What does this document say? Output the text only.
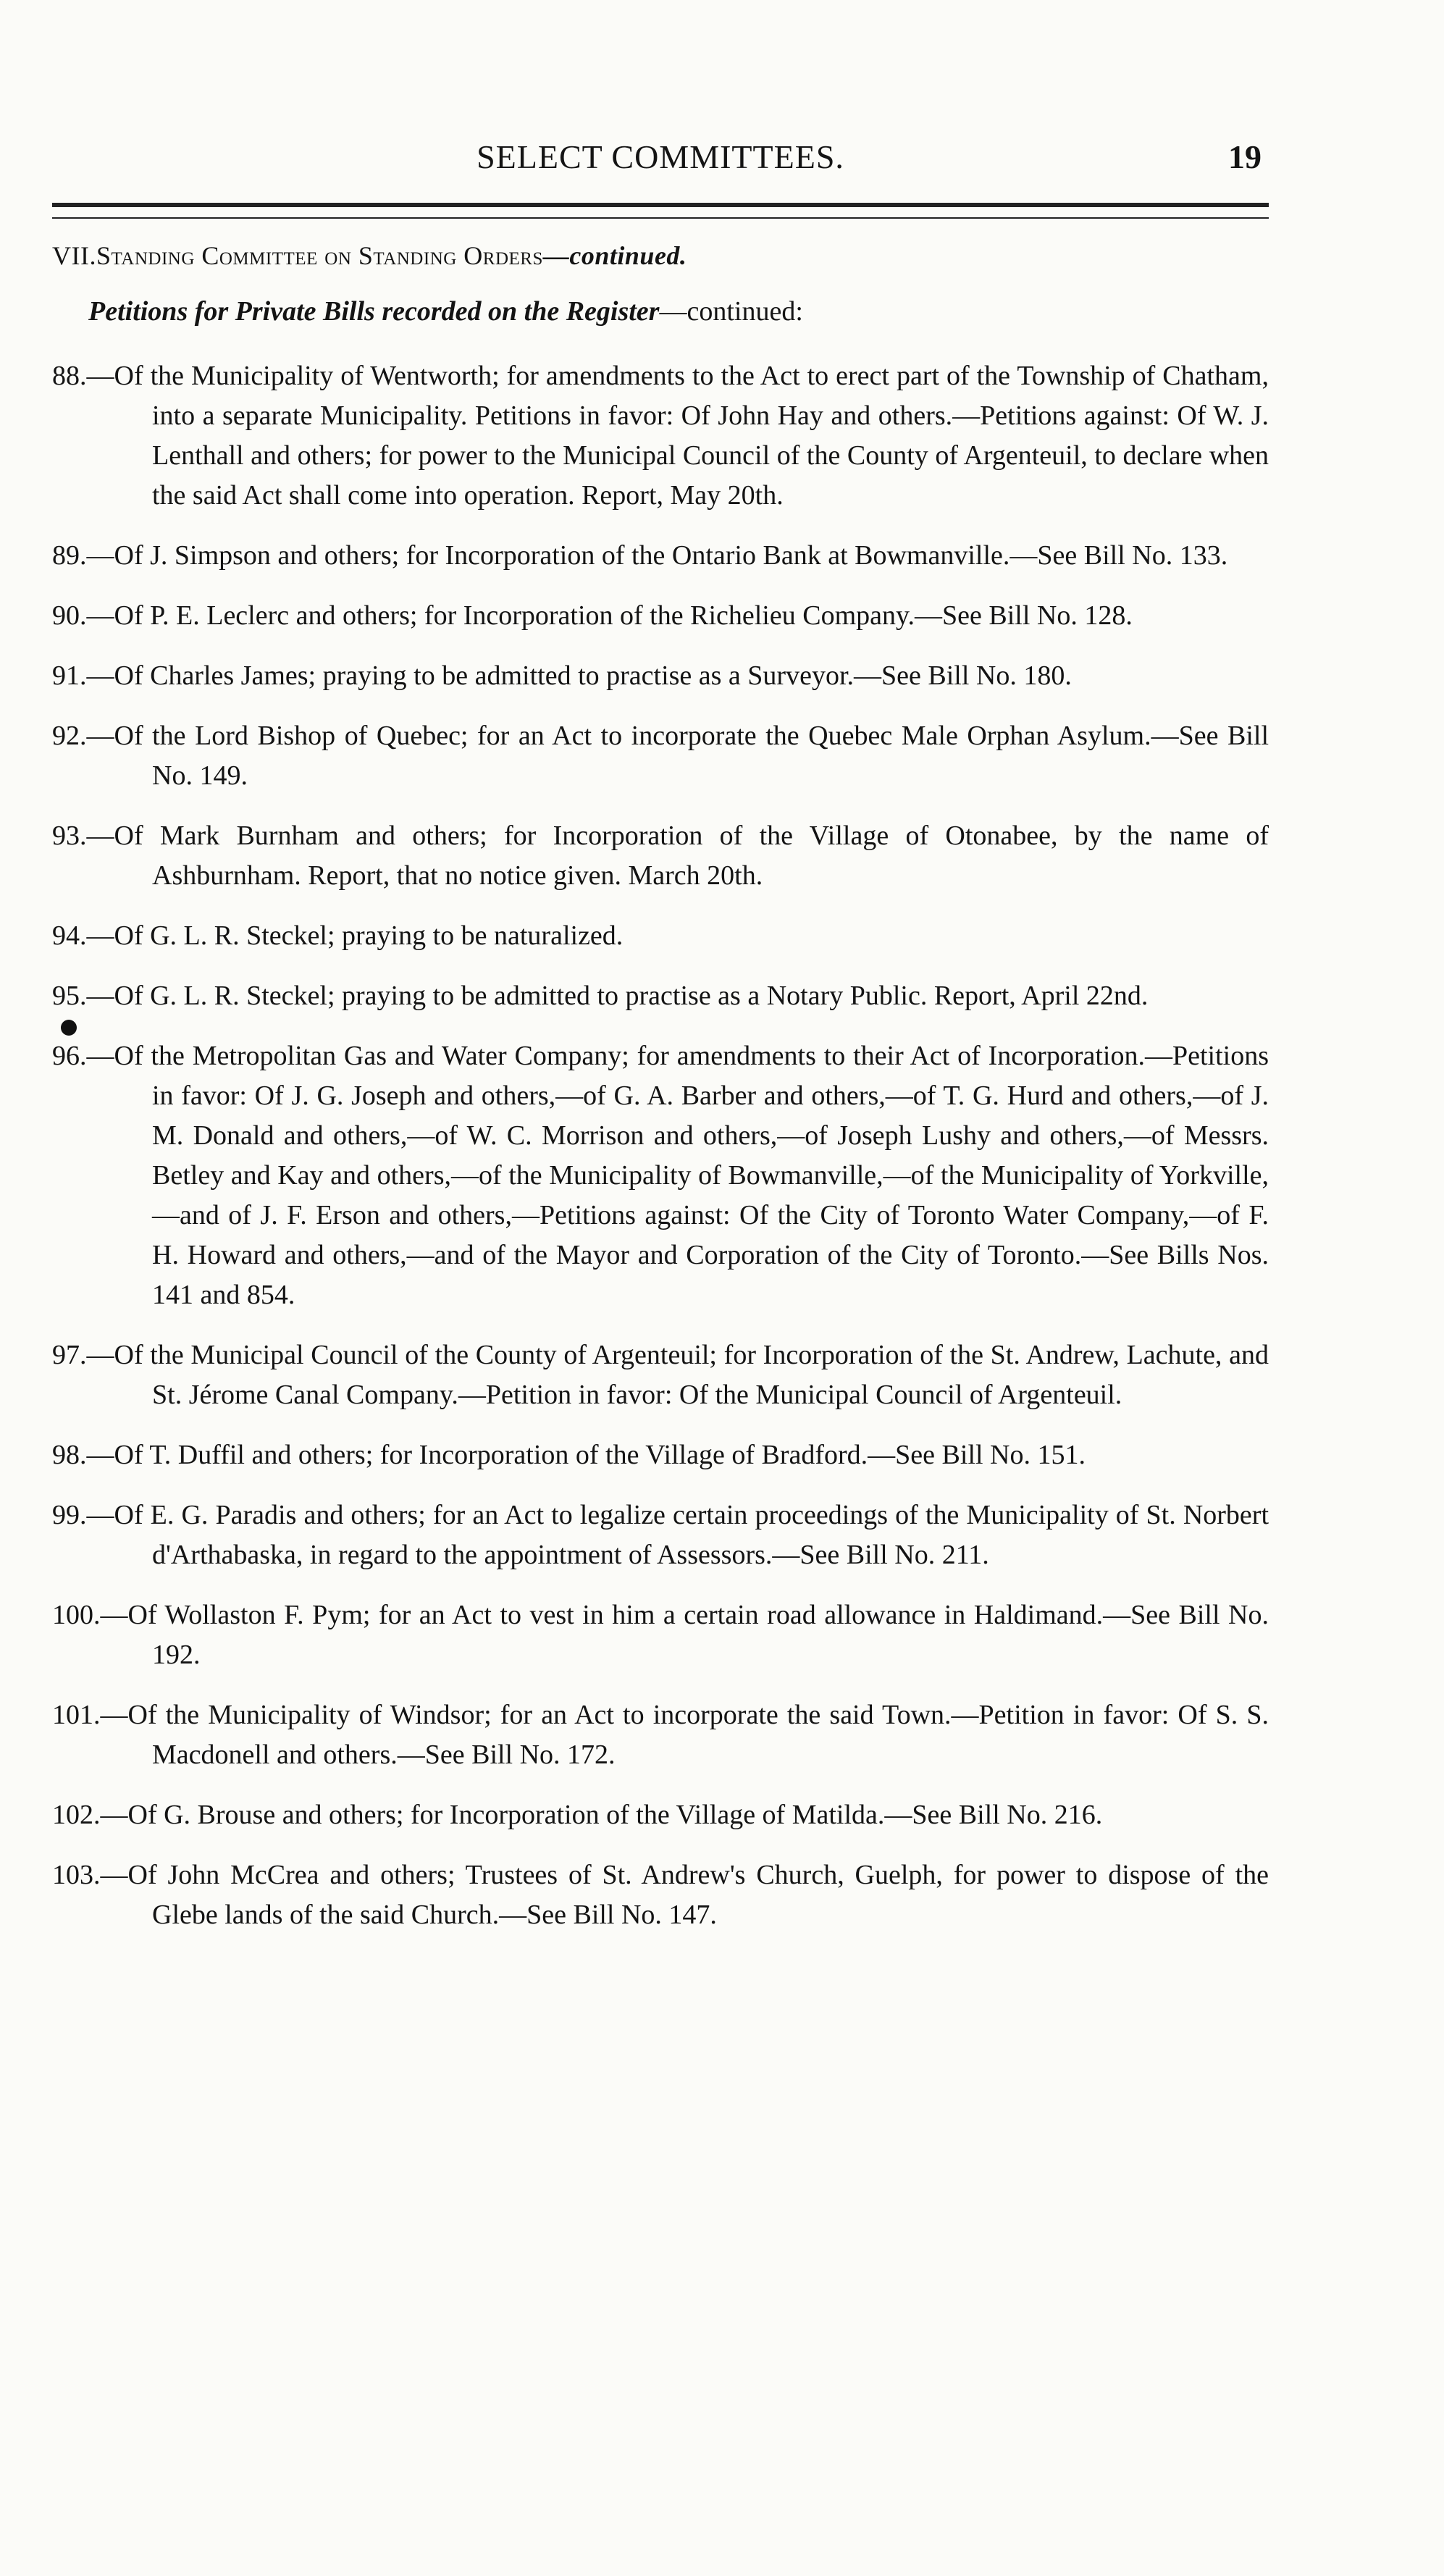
SELECT COMMITTEES.	19
VII.Standing Committee on Standing Orders—continued.
Petitions for Private Bills recorded on the Register—continued:
88.—Of the Municipality of Wentworth; for amendments to the Act to erect part of the Township of Chatham, into a separate Municipality. Petitions in favor: Of John Hay and others.—Petitions against: Of W. J. Lenthall and others; for power to the Municipal Council of the County of Argenteuil, to declare when the said Act shall come into operation. Report, May 20th.
89.—Of J. Simpson and others; for Incorporation of the Ontario Bank at Bowmanville.—See Bill No. 133.
90.—Of P. E. Leclerc and others; for Incorporation of the Richelieu Company.—See Bill No. 128.
91.—Of Charles James; praying to be admitted to practise as a Surveyor.—See Bill No. 180.
92.—Of the Lord Bishop of Quebec; for an Act to incorporate the Quebec Male Orphan Asylum.—See Bill No. 149.
93.—Of Mark Burnham and others; for Incorporation of the Village of Otonabee, by the name of Ashburnham. Report, that no notice given. March 20th.
94.—Of G. L. R. Steckel; praying to be naturalized.
95.—Of G. L. R. Steckel; praying to be admitted to practise as a Notary Public. Report, April 22nd.
96.—Of the Metropolitan Gas and Water Company; for amendments to their Act of Incorporation.—Petitions in favor: Of J. G. Joseph and others,—of G. A. Barber and others,—of T. G. Hurd and others,—of J. M. Donald and others,—of W. C. Morrison and others,—of Joseph Lushy and others,—of Messrs. Betley and Kay and others,—of the Municipality of Bowmanville,—of the Municipality of Yorkville,—and of J. F. Erson and others,—Petitions against: Of the City of Toronto Water Company,—of F. H. Howard and others,—and of the Mayor and Corporation of the City of Toronto.—See Bills Nos. 141 and 854.
97.—Of the Municipal Council of the County of Argenteuil; for Incorporation of the St. Andrew, Lachute, and St. Jérome Canal Company.—Petition in favor: Of the Municipal Council of Argenteuil.
98.—Of T. Duffil and others; for Incorporation of the Village of Bradford.—See Bill No. 151.
99.—Of E. G. Paradis and others; for an Act to legalize certain proceedings of the Municipality of St. Norbert d'Arthabaska, in regard to the appointment of Assessors.—See Bill No. 211.
100.—Of Wollaston F. Pym; for an Act to vest in him a certain road allowance in Haldimand.—See Bill No. 192.
101.—Of the Municipality of Windsor; for an Act to incorporate the said Town.—Petition in favor: Of S. S. Macdonell and others.—See Bill No. 172.
102.—Of G. Brouse and others; for Incorporation of the Village of Matilda.—See Bill No. 216.
103.—Of John McCrea and others; Trustees of St. Andrew's Church, Guelph, for power to dispose of the Glebe lands of the said Church.—See Bill No. 147.
